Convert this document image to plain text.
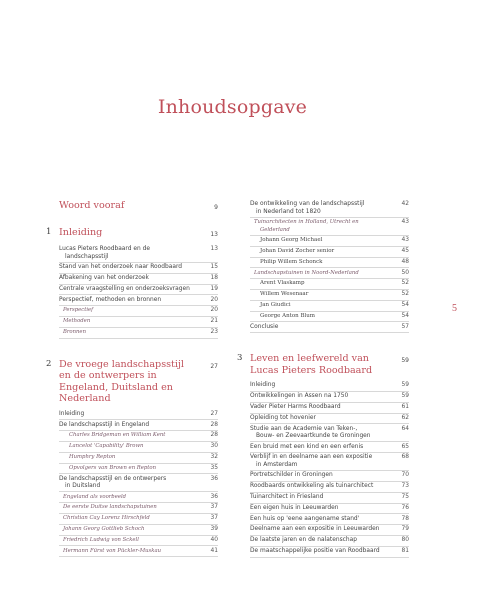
Inhoudsopgave
Woord vooraf	9
1 Inleiding	13
Lucas Pieters Roodbaard en de
landschapsstijl
13
Stand van het onderzoek naar Roodbaard	15
Afbakening van het onderzoek	18
Centrale vraagstelling en onderzoeksvragen	19
Perspectief, methoden en bronnen	20
Perspectief	20
Methoden	21
Bronnen	23
2 De vroege landschapsstijl en de ontwerpers in Engeland, Duitsland en Nederland
27
Inleiding	27
De landschapsstijl in Engeland	28
Charles Bridgeman en William Kent	28
Lancelot 'Capability' Brown	30
Humphry Repton	32
Opvolgers van Brown en Repton	35
De landschapsstijl en de ontwerpers
in Duitsland
36
Engeland als voorbeeld	36
De eerste Duitse landschapstuinen	37
Christian Cay Lorenz Hirschfeld	37
Johann Georg Gottlieb Schoch	39
Friedrich Ludwig von Sckell	40
Hermann Fürst von Pückler-Muskau	41
De ontwikkeling van de landschapsstijl
in Nederland tot 1820
42
Tuinarchitecten in Holland, Utrecht en
Gelderland
43
Johann Georg Michael	43
Johan David Zocher senior	45
Philip Willem Schonck	48
Landschapstuinen in Noord-Nederland	50
Arent Vlaskamp	52
Willem Wesenaar	52
Jan Giudici	54
George Anton Blum	54
Conclusie	57
3 Leven en leefwereld van Lucas Pieters Roodbaard
59
Inleiding	59
Ontwikkelingen in Assen na 1750	59
Vader Pieter Harms Roodbaard	61
Opleiding tot hovenier	62
Studie aan de Academie van Teken-,
Bouw- en Zeevaartkunde te Groningen
64
Een bruid met een kind en een erfenis	65
Verblijf in en deelname aan een expositie
in Amsterdam
68
Portretschilder in Groningen	70
Roodbaards ontwikkeling als tuinarchitect	73
Tuinarchitect in Friesland	75
Een eigen huis in Leeuwarden	76
Een huis op 'eene aangename stand'	78
Deelname aan een expositie in Leeuwarden	79
De laatste jaren en de nalatenschap	80
De maatschappelijke positie van Roodbaard	81
5
